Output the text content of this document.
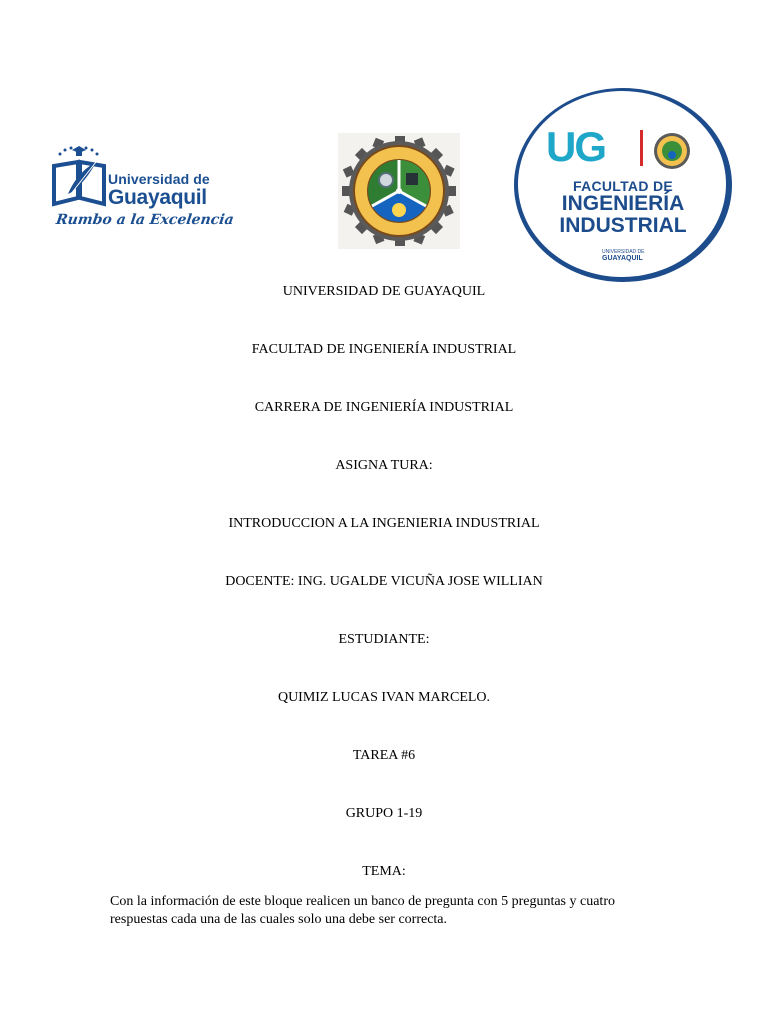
Universidad de
Guayaquil
Rumbo a la Excelencia
UG
FACULTAD DE
INGENIERÍA
INDUSTRIAL
UNIVERSIDAD DE
GUAYAQUIL
UNIVERSIDAD DE GUAYAQUIL
FACULTAD DE INGENIERÍA INDUSTRIAL
CARRERA DE INGENIERÍA INDUSTRIAL
ASIGNA TURA:
INTRODUCCION A LA INGENIERIA INDUSTRIAL
DOCENTE: ING. UGALDE VICUÑA JOSE WILLIAN
ESTUDIANTE:
QUIMIZ LUCAS IVAN MARCELO.
TAREA #6
GRUPO 1-19
TEMA:
Con la información de este bloque realicen un banco de pregunta con 5 preguntas y cuatro respuestas cada una de las cuales solo una debe ser correcta.
